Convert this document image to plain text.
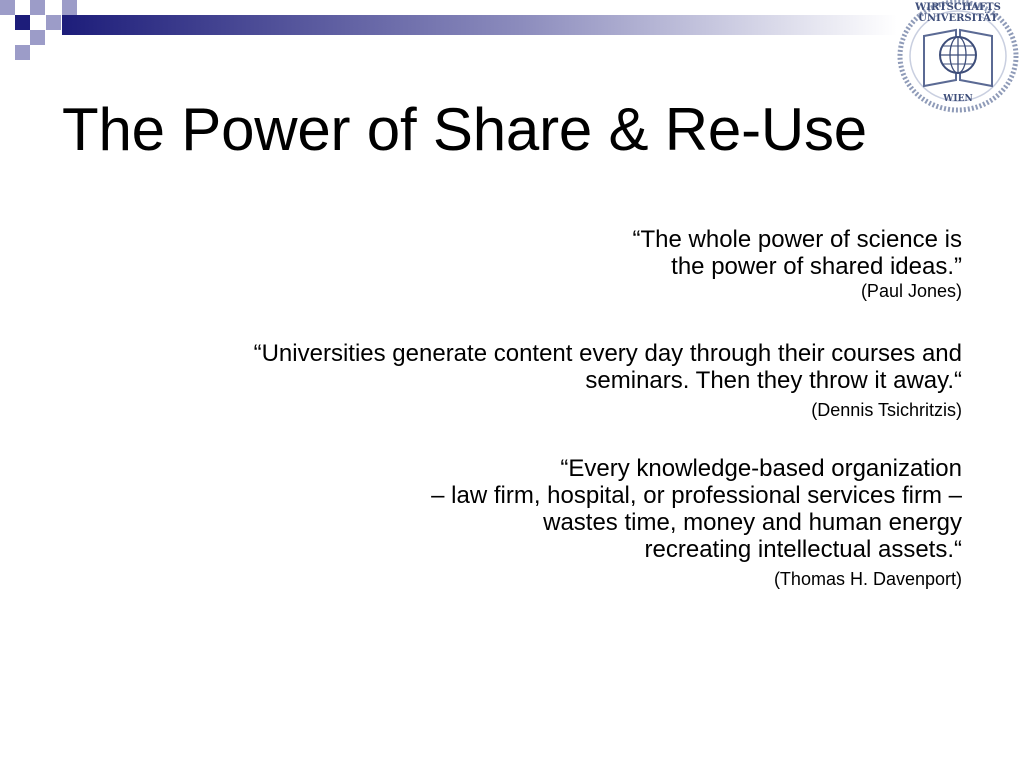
WIRTSCHAFTS
UNIVERSITÄT
WIEN
The Power of Share & Re-Use
“The whole power of science is
the power of shared ideas.”
(Paul Jones)
“Universities generate content every day through their courses and
seminars. Then they throw it away.“
(Dennis Tsichritzis)
“Every knowledge-based organization
– law firm, hospital, or professional services firm –
wastes time, money and human energy
recreating intellectual assets.“
(Thomas H. Davenport)
